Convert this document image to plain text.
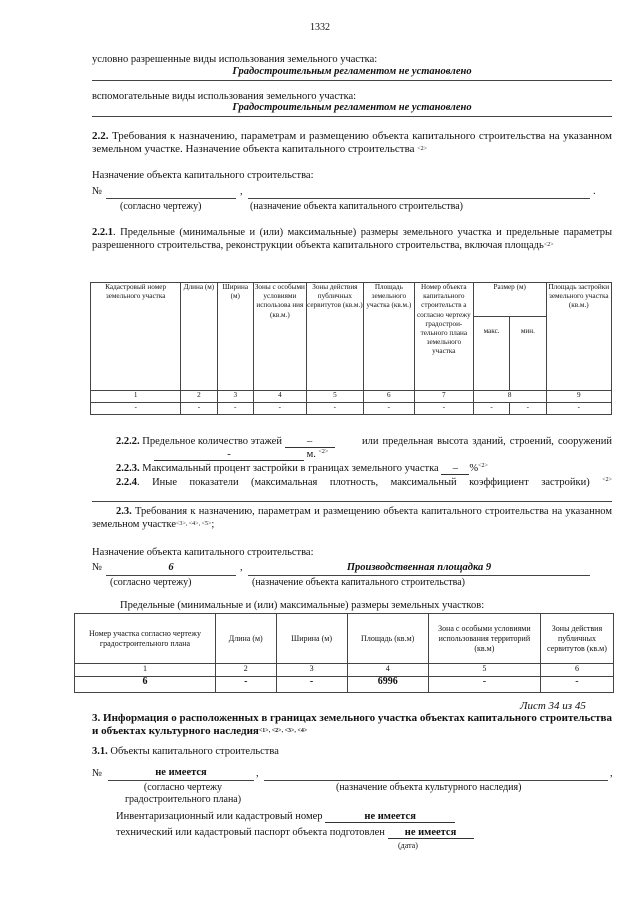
1332
условно разрешенные виды использования земельного участка:
Градостроительным регламентом не установлено
вспомогательные виды использования земельного участка:
Градостроительным регламентом не установлено
2.2. Требования к назначению, параметрам и размещению объекта капитального строительства на указанном земельном участке. Назначение объекта капитального строительства $^{<2>}$
Назначение объекта капитального строительства:
№	,	.
(согласно чертежу)	(назначение объекта капитального строительства)
2.2.1. Предельные (минимальные и (или) максимальные) размеры земельного участка и предельные параметры разрешенного строительства, реконструкции объекта капитального строительства, включая площадь$^{<2>}$
Кадастровый номер земельного участка	Длина (м)	Ширина (м)	Зоны с особыми условиями использова ния (кв.м.)	Зоны действия публичных сервитутов (кв.м.)	Площадь земельного участка (кв.м.)	Номер объекта капитального строительств а согласно чертежу градострои- тельного плана земельного участка	Размер (м)		Площадь застройки земельного участка (кв.м.)
							макс.	мин.	
1	2	3	4	5	6	7	8		9
-	-	-	-	-	-	-	-	-	-
2.2.2. Предельное количество этажей –	или предельная высота зданий, строений, сооружений
-	м. $^{<2>}$
2.2.3. Максимальный процент застройки в границах земельного участка – %$^{<2>}$
2.2.4. Иные показатели (максимальная плотность, максимальный коэффициент застройки) $^{<2>}$
2.3. Требования к назначению, параметрам и размещению объекта капитального строительства на указанном земельном участке$^{<3>, <4>, <5>}$;
Назначение объекта капитального строительства:
№	6	,	Производственная площадка 9
(согласно чертежу)	(назначение объекта капитального строительства)
Предельные (минимальные и (или) максимальные) размеры земельных участков:
Номер участка согласно чертежу градостроительного плана	Длина (м)	Ширина (м)	Площадь (кв.м)	Зона с особыми условиями использования территорий (кв.м)	Зоны действия публичных сервитутов (кв.м)
1	2	3	4	5	6
6	-	-	6996	-	-
Лист 34 из 45
3. Информация о расположенных в границах земельного участка объектах капитального строительства и объектах культурного наследия$^{<1>, <2>, <3>, <4>}$
3.1. Объекты капитального строительства
№	не имеется	,	,
(согласно чертежу градостроительного плана)
(назначение объекта культурного наследия)
Инвентаризационный или кадастровый номер	не имеется
технический или кадастровый паспорт объекта подготовлен не имеется
(дата)
